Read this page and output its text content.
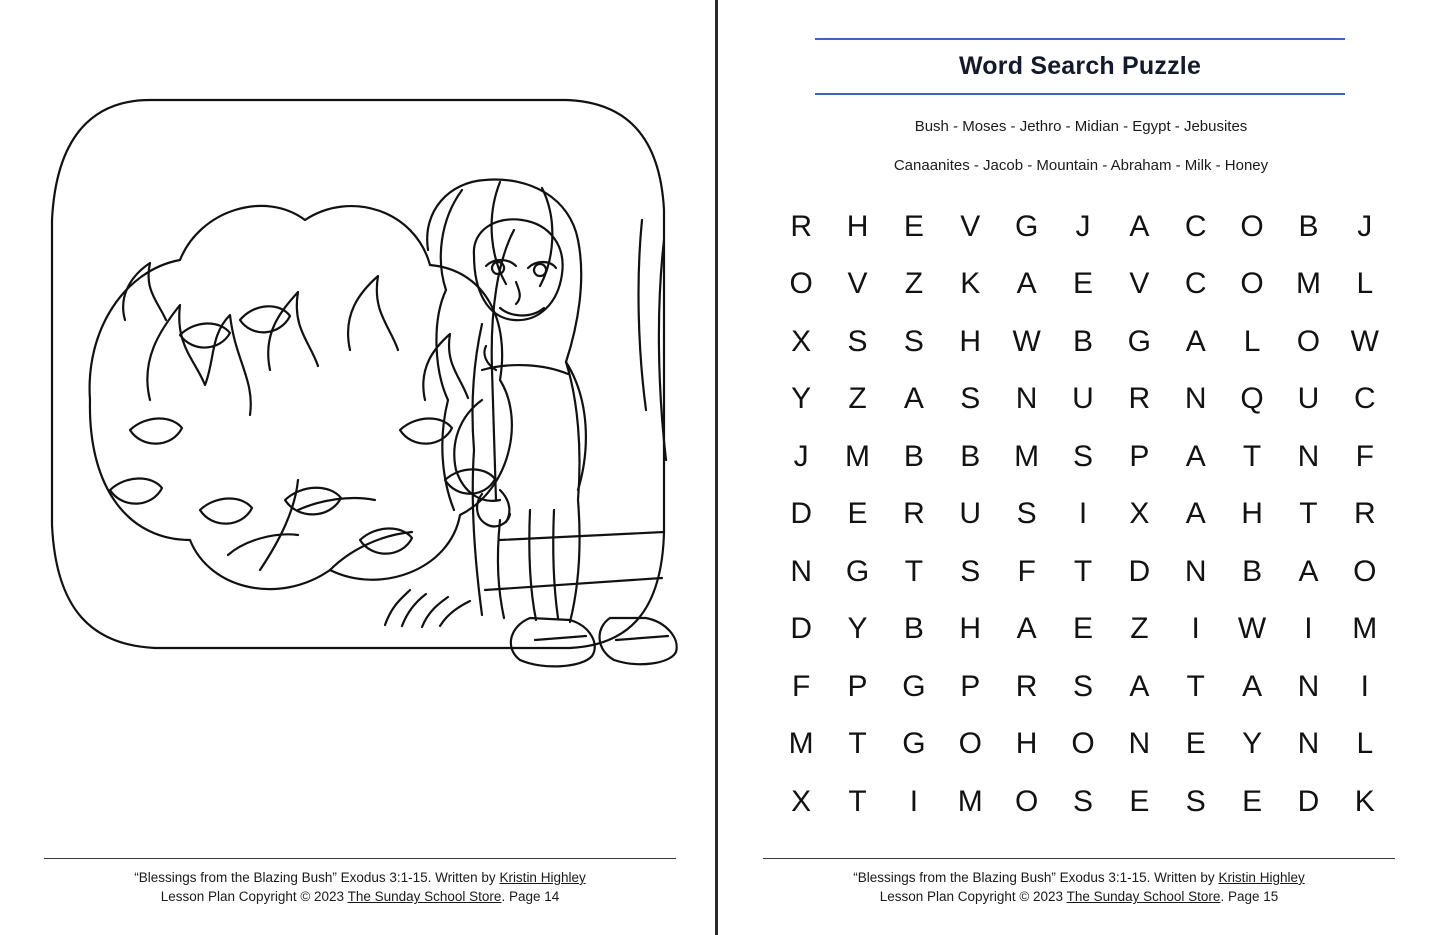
“Blessings from the Blazing Bush” Exodus 3:1-15. Written by Kristin Highley
Lesson Plan Copyright © 2023 The Sunday School Store. Page 14
Word Search Puzzle

Bush - Moses - Jethro - Midian - Egypt - Jebusites

Canaanites - Jacob - Mountain - Abraham - Milk - Honey

R H E V G J A C O B J
O V Z K A E V C O M L
X S S H W B G A L O W
Y Z A S N U R N Q U C
J M B B M S P A T N F
D E R U S I X A H T R
N G T S F T D N B A O
D Y B H A E Z I W I M
F P G P R S A T A N I
M T G O H O N E Y N L
X T I M O S E S E D K
“Blessings from the Blazing Bush” Exodus 3:1-15. Written by Kristin Highley
Lesson Plan Copyright © 2023 The Sunday School Store. Page 15
